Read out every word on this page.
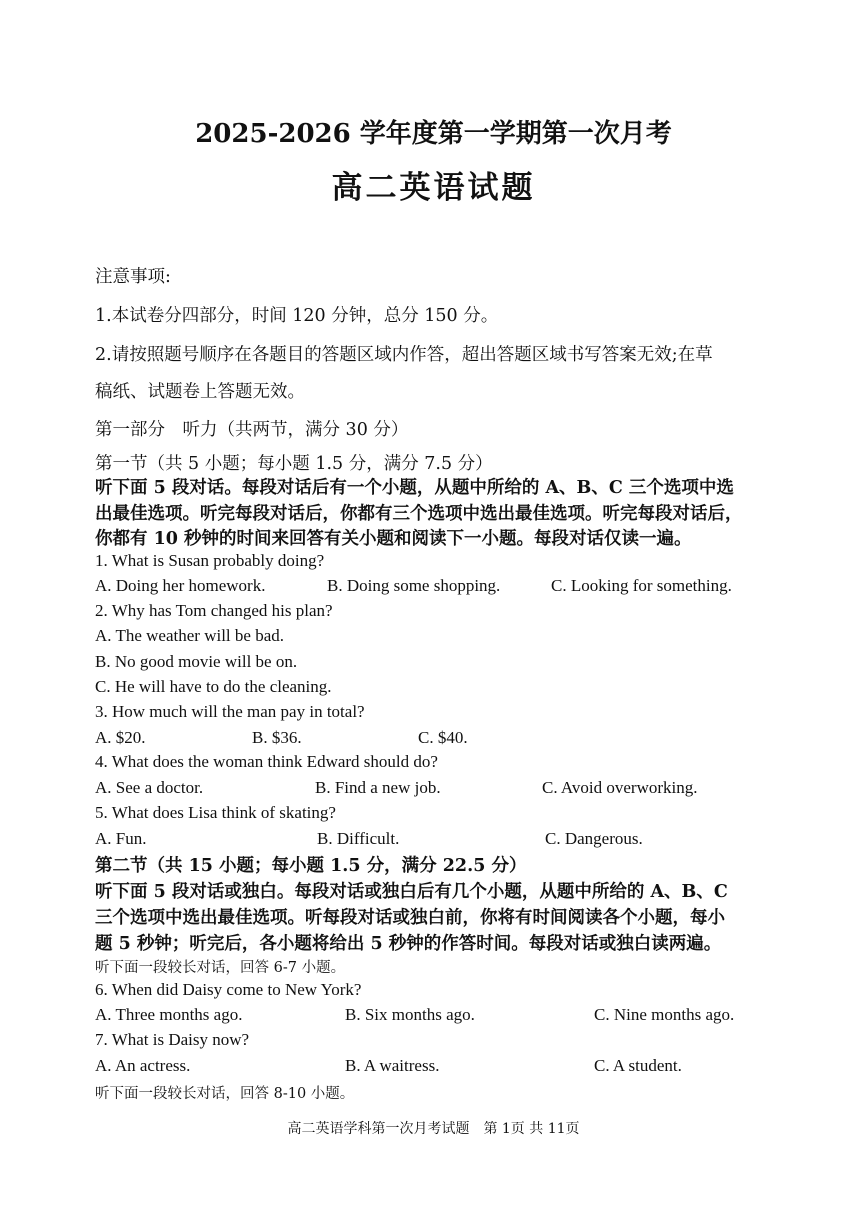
2025-2026 学年度第一学期第一次月考
高二英语试题
注意事项:
1.本试卷分四部分，时间 120 分钟，总分 150 分。
2.请按照题号顺序在各题目的答题区域内作答，超出答题区域书写答案无效;在草
稿纸、试题卷上答题无效。
第一部分　听力（共两节，满分 30 分）
第一节（共 5 小题；每小题 1.5 分，满分 7.5 分）
听下面 5 段对话。每段对话后有一个小题，从题中所给的 A、B、C 三个选项中选
出最佳选项。听完每段对话后，你都有三个选项中选出最佳选项。听完每段对话后，
你都有 10 秒钟的时间来回答有关小题和阅读下一小题。每段对话仅读一遍。
1. What is Susan probably doing?
A. Doing her homework.	B. Doing some shopping.	C. Looking for something.
2. Why has Tom changed his plan?
A. The weather will be bad.
B. No good movie will be on.
C. He will have to do the cleaning.
3. How much will the man pay in total?
A. $20.	B. $36.	C. $40.
4. What does the woman think Edward should do?
A. See a doctor.	B. Find a new job.	C. Avoid overworking.
5. What does Lisa think of skating?
A. Fun.	B. Difficult.	C. Dangerous.
第二节（共 15 小题；每小题 1.5 分，满分 22.5 分）
听下面 5 段对话或独白。每段对话或独白后有几个小题，从题中所给的 A、B、C
三个选项中选出最佳选项。听每段对话或独白前，你将有时间阅读各个小题，每小
题 5 秒钟；听完后，各小题将给出 5 秒钟的作答时间。每段对话或独白读两遍。
听下面一段较长对话，回答 6-7 小题。
6. When did Daisy come to New York?
A. Three months ago.	B. Six months ago.	C. Nine months ago.
7. What is Daisy now?
A. An actress.	B. A waitress.	C. A student.
听下面一段较长对话，回答 8-10 小题。
高二英语学科第一次月考试题　第 1页 共 11页
